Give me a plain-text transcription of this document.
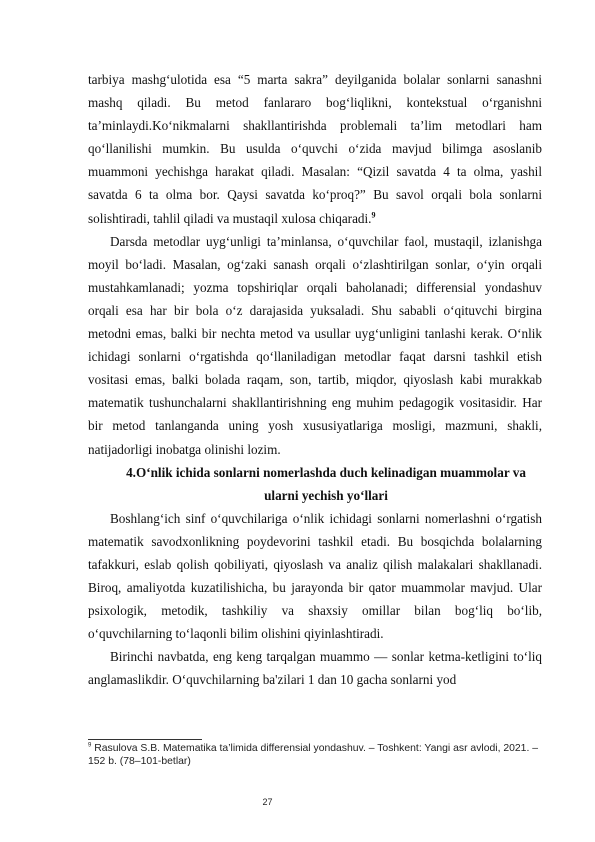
tarbiya mashg‘ulotida esa “5 marta sakra” deyilganida bolalar sonlarni sanashni mashq qiladi. Bu metod fanlararo bog‘liqlikni, kontekstual o‘rganishni ta’minlaydi.Ko‘nikmalarni shakllantirishda problemali ta’lim metodlari ham qo‘llanilishi mumkin. Bu usulda o‘quvchi o‘zida mavjud bilimga asoslanib muammoni yechishga harakat qiladi. Masalan: “Qizil savatda 4 ta olma, yashil savatda 6 ta olma bor. Qaysi savatda ko‘proq?” Bu savol orqali bola sonlarni solishtiradi, tahlil qiladi va mustaqil xulosa chiqaradi.$^9$

Darsda metodlar uyg‘unligi ta’minlansa, o‘quvchilar faol, mustaqil, izlanishga moyil bo‘ladi. Masalan, og‘zaki sanash orqali o‘zlashtirilgan sonlar, o‘yin orqali mustahkamlanadi; yozma topshiriqlar orqali baholanadi; differensial yondashuv orqali esa har bir bola o‘z darajasida yuksaladi. Shu sababli o‘qituvchi birgina metodni emas, balki bir nechta metod va usullar uyg‘unligini tanlashi kerak. O‘nlik ichidagi sonlarni o‘rgatishda qo‘llaniladigan metodlar faqat darsni tashkil etish vositasi emas, balki bolada raqam, son, tartib, miqdor, qiyoslash kabi murakkab matematik tushunchalarni shakllantirishning eng muhim pedagogik vositasidir. Har bir metod tanlanganda uning yosh xususiyatlariga mosligi, mazmuni, shakli, natijadorligi inobatga olinishi lozim.

4.O‘nlik ichida sonlarni nomerlashda duch kelinadigan muammolar va ularni yechish yo‘llari

Boshlang‘ich sinf o‘quvchilariga o‘nlik ichidagi sonlarni nomerlashni o‘rgatish matematik savodxonlikning poydevorini tashkil etadi. Bu bosqichda bolalarning tafakkuri, eslab qolish qobiliyati, qiyoslash va analiz qilish malakalari shakllanadi. Biroq, amaliyotda kuzatilishicha, bu jarayonda bir qator muammolar mavjud. Ular psixologik, metodik, tashkiliy va shaxsiy omillar bilan bog‘liq bo‘lib, o‘quvchilarning to‘laqonli bilim olishini qiyinlashtiradi.

Birinchi navbatda, eng keng tarqalgan muammo — sonlar ketma-ketligini to‘liq anglamaslikdir. O‘quvchilarning ba'zilari 1 dan 10 gacha sonlarni yod

$^9$ Rasulova S.B. Matematika ta’limida differensial yondashuv. – Toshkent: Yangi asr avlodi, 2021. – 152 b. (78–101-betlar)
27
